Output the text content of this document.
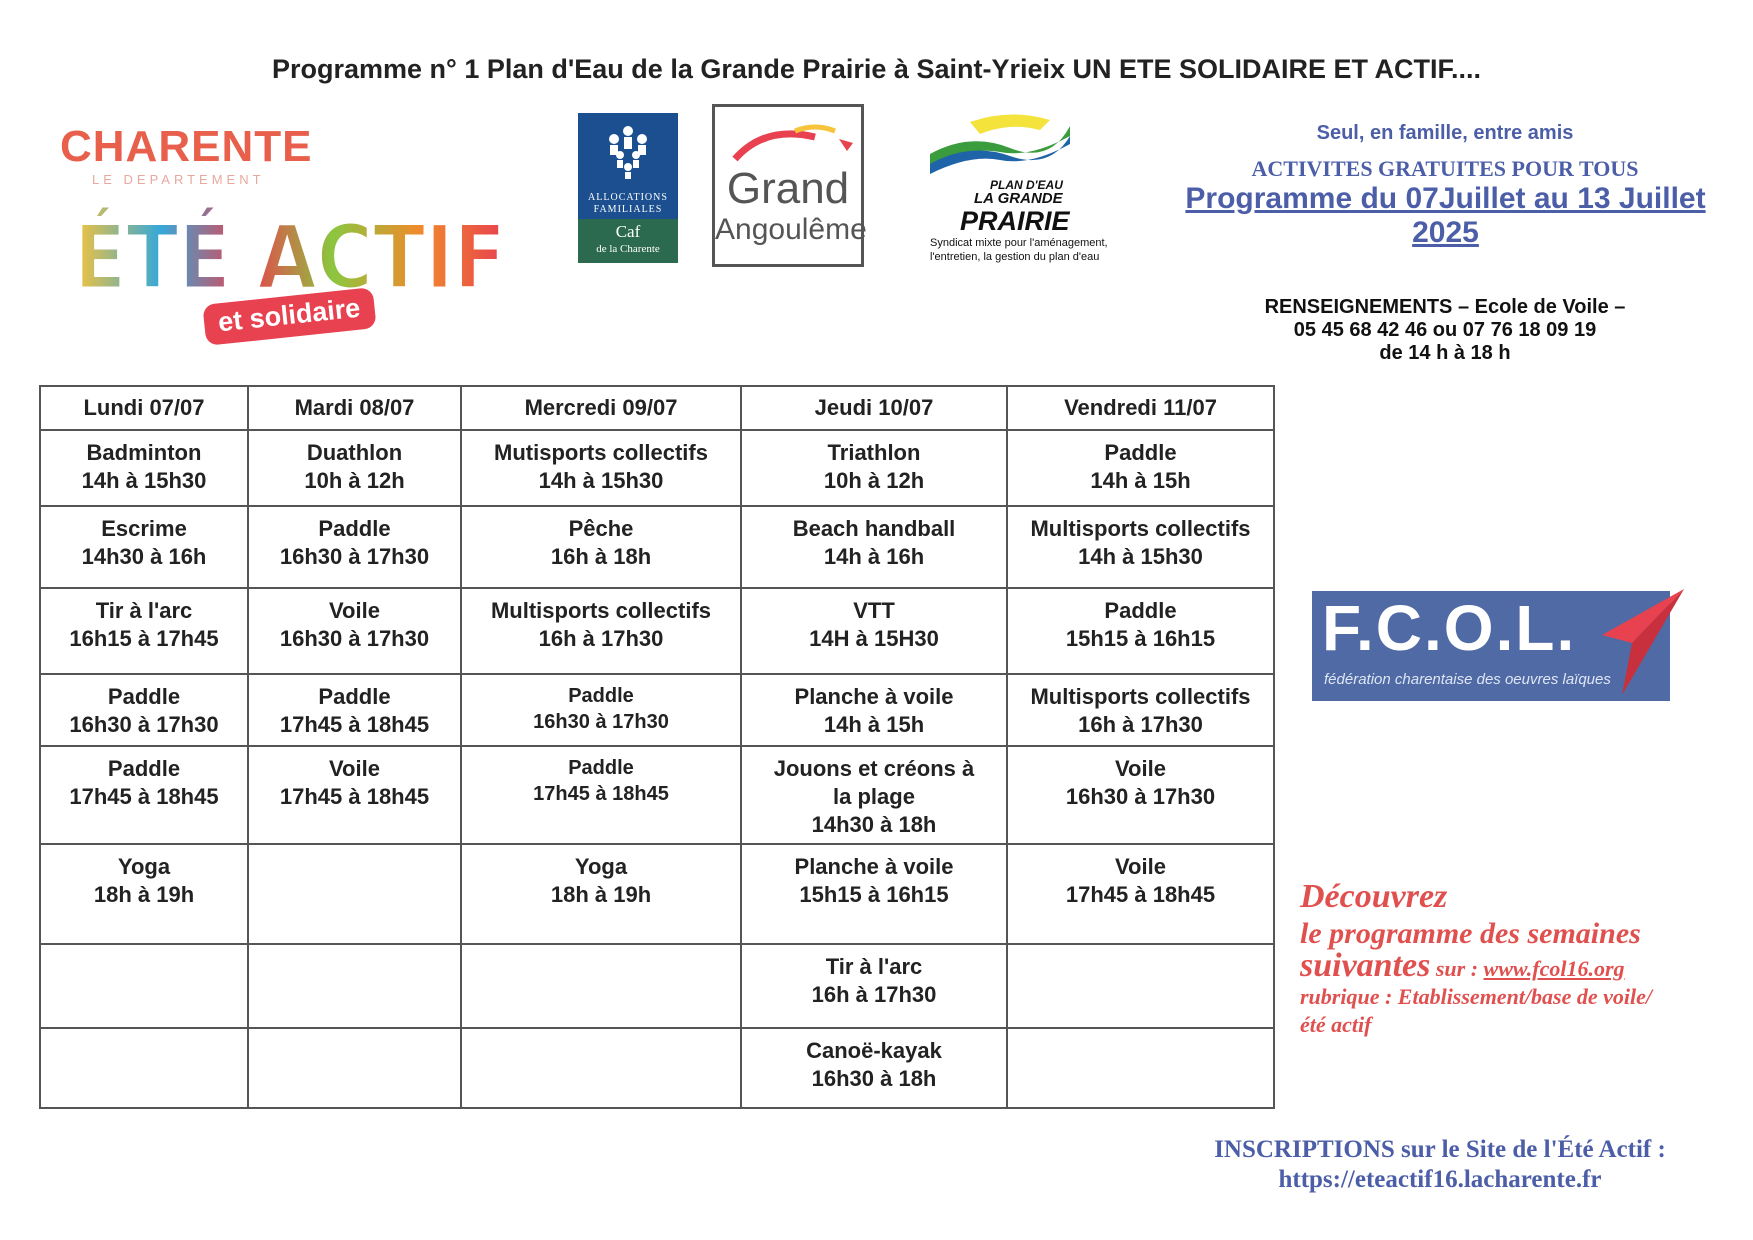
Programme n° 1 Plan d'Eau de la Grande Prairie à Saint-Yrieix UN ETE SOLIDAIRE ET ACTIF....
CHARENTE
LE DEPARTEMENT
ÉTÉ ACTIF
et solidaire
ALLOCATIONS
FAMILIALES
Caf
de la Charente
Grand
Angoulême
PLAN D'EAU
LA GRANDE
PRAIRIE
Syndicat mixte pour l'aménagement,
l'entretien, la gestion du plan d'eau
Seul, en famille, entre amis
ACTIVITES GRATUITES POUR TOUS
Programme du 07Juillet au 13 Juillet 2025
RENSEIGNEMENTS – Ecole de Voile –
05 45 68 42 46 ou 07 76 18 09 19
de 14 h à 18 h
Lundi 07/07	Mardi 08/07	Mercredi 09/07	Jeudi 10/07	Vendredi 11/07

Badminton
14h à 15h30	Duathlon
10h à 12h	Mutisports collectifs
14h à 15h30	Triathlon
10h à 12h	Paddle
14h à 15h

Escrime
14h30 à 16h	Paddle
16h30 à 17h30	Pêche
16h à 18h	Beach handball
14h à 16h	Multisports collectifs
14h à 15h30

Tir à l'arc
16h15 à 17h45	Voile
16h30 à 17h30	Multisports collectifs
16h à 17h30	VTT
14H à 15H30	Paddle
15h15 à 16h15

Paddle
16h30 à 17h30	Paddle
17h45 à 18h45	Paddle
16h30 à 17h30	Planche à voile
14h à 15h	Multisports collectifs
16h à 17h30

Paddle
17h45 à 18h45	Voile
17h45 à 18h45	Paddle
17h45 à 18h45	Jouons et créons à la plage
14h30 à 18h	Voile
16h30 à 17h30

Yoga
18h à 19h		Yoga
18h à 19h	Planche à voile
15h15 à 16h15	Voile
17h45 à 18h45

			Tir à l'arc
16h à 17h30	

			Canoë-kayak
16h30 à 18h	

F.C.O.L.
fédération charentaise des oeuvres laïques
Découvrez
le programme des semaines
suivantes sur : www.fcol16.org
rubrique : Etablissement/base de voile/
été actif
INSCRIPTIONS sur le Site de l'Été Actif :
https://eteactif16.lacharente.fr
